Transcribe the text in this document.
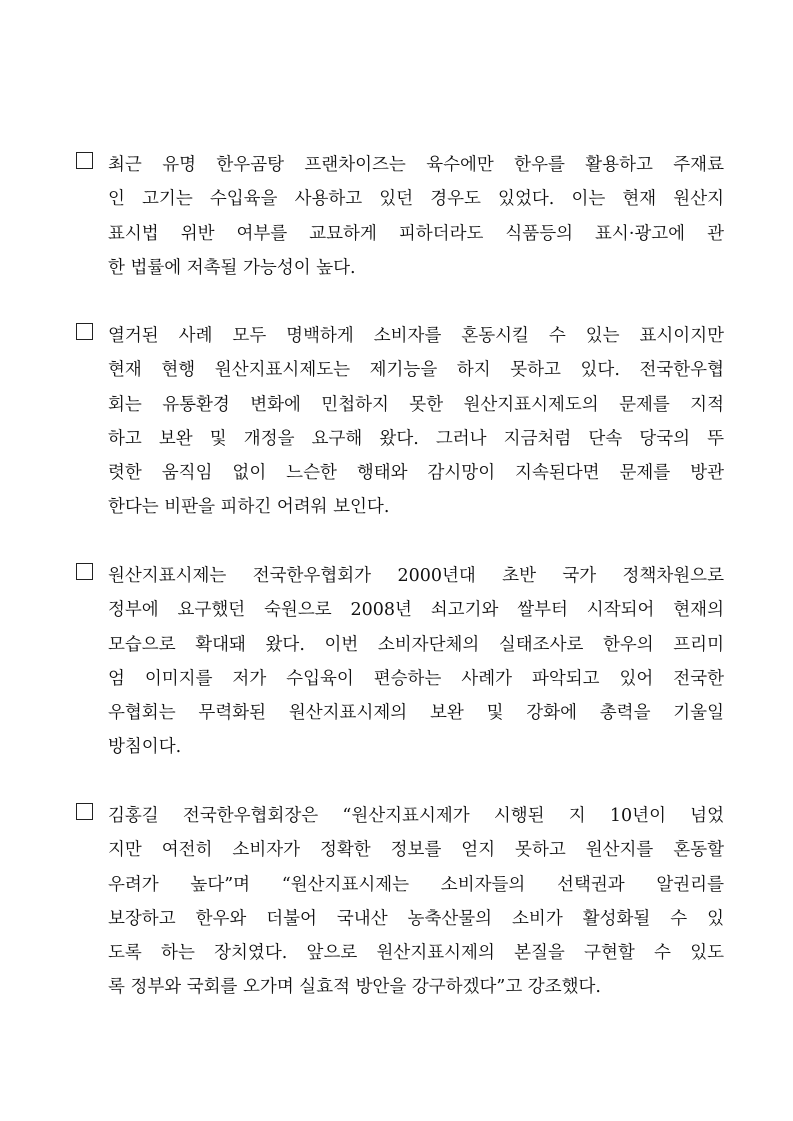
최근 유명 한우곰탕 프랜차이즈는 육수에만 한우를 활용하고 주재료
인 고기는 수입육을 사용하고 있던 경우도 있었다. 이는 현재 원산지
표시법 위반 여부를 교묘하게 피하더라도 식품등의 표시·광고에 관
한 법률에 저촉될 가능성이 높다.
열거된 사례 모두 명백하게 소비자를 혼동시킬 수 있는 표시이지만
현재 현행 원산지표시제도는 제기능을 하지 못하고 있다. 전국한우협
회는 유통환경 변화에 민첩하지 못한 원산지표시제도의 문제를 지적
하고 보완 및 개정을 요구해 왔다. 그러나 지금처럼 단속 당국의 뚜
렷한 움직임 없이 느슨한 행태와 감시망이 지속된다면 문제를 방관
한다는 비판을 피하긴 어려워 보인다.
원산지표시제는 전국한우협회가 2000년대 초반 국가 정책차원으로
정부에 요구했던 숙원으로 2008년 쇠고기와 쌀부터 시작되어 현재의
모습으로 확대돼 왔다. 이번 소비자단체의 실태조사로 한우의 프리미
엄 이미지를 저가 수입육이 편승하는 사례가 파악되고 있어 전국한
우협회는 무력화된 원산지표시제의 보완 및 강화에 총력을 기울일
방침이다.
김홍길 전국한우협회장은 “원산지표시제가 시행된 지 10년이 넘었
지만 여전히 소비자가 정확한 정보를 얻지 못하고 원산지를 혼동할
우려가 높다”며 “원산지표시제는 소비자들의 선택권과 알권리를
보장하고 한우와 더불어 국내산 농축산물의 소비가 활성화될 수 있
도록 하는 장치였다. 앞으로 원산지표시제의 본질을 구현할 수 있도
록 정부와 국회를 오가며 실효적 방안을 강구하겠다”고 강조했다.
